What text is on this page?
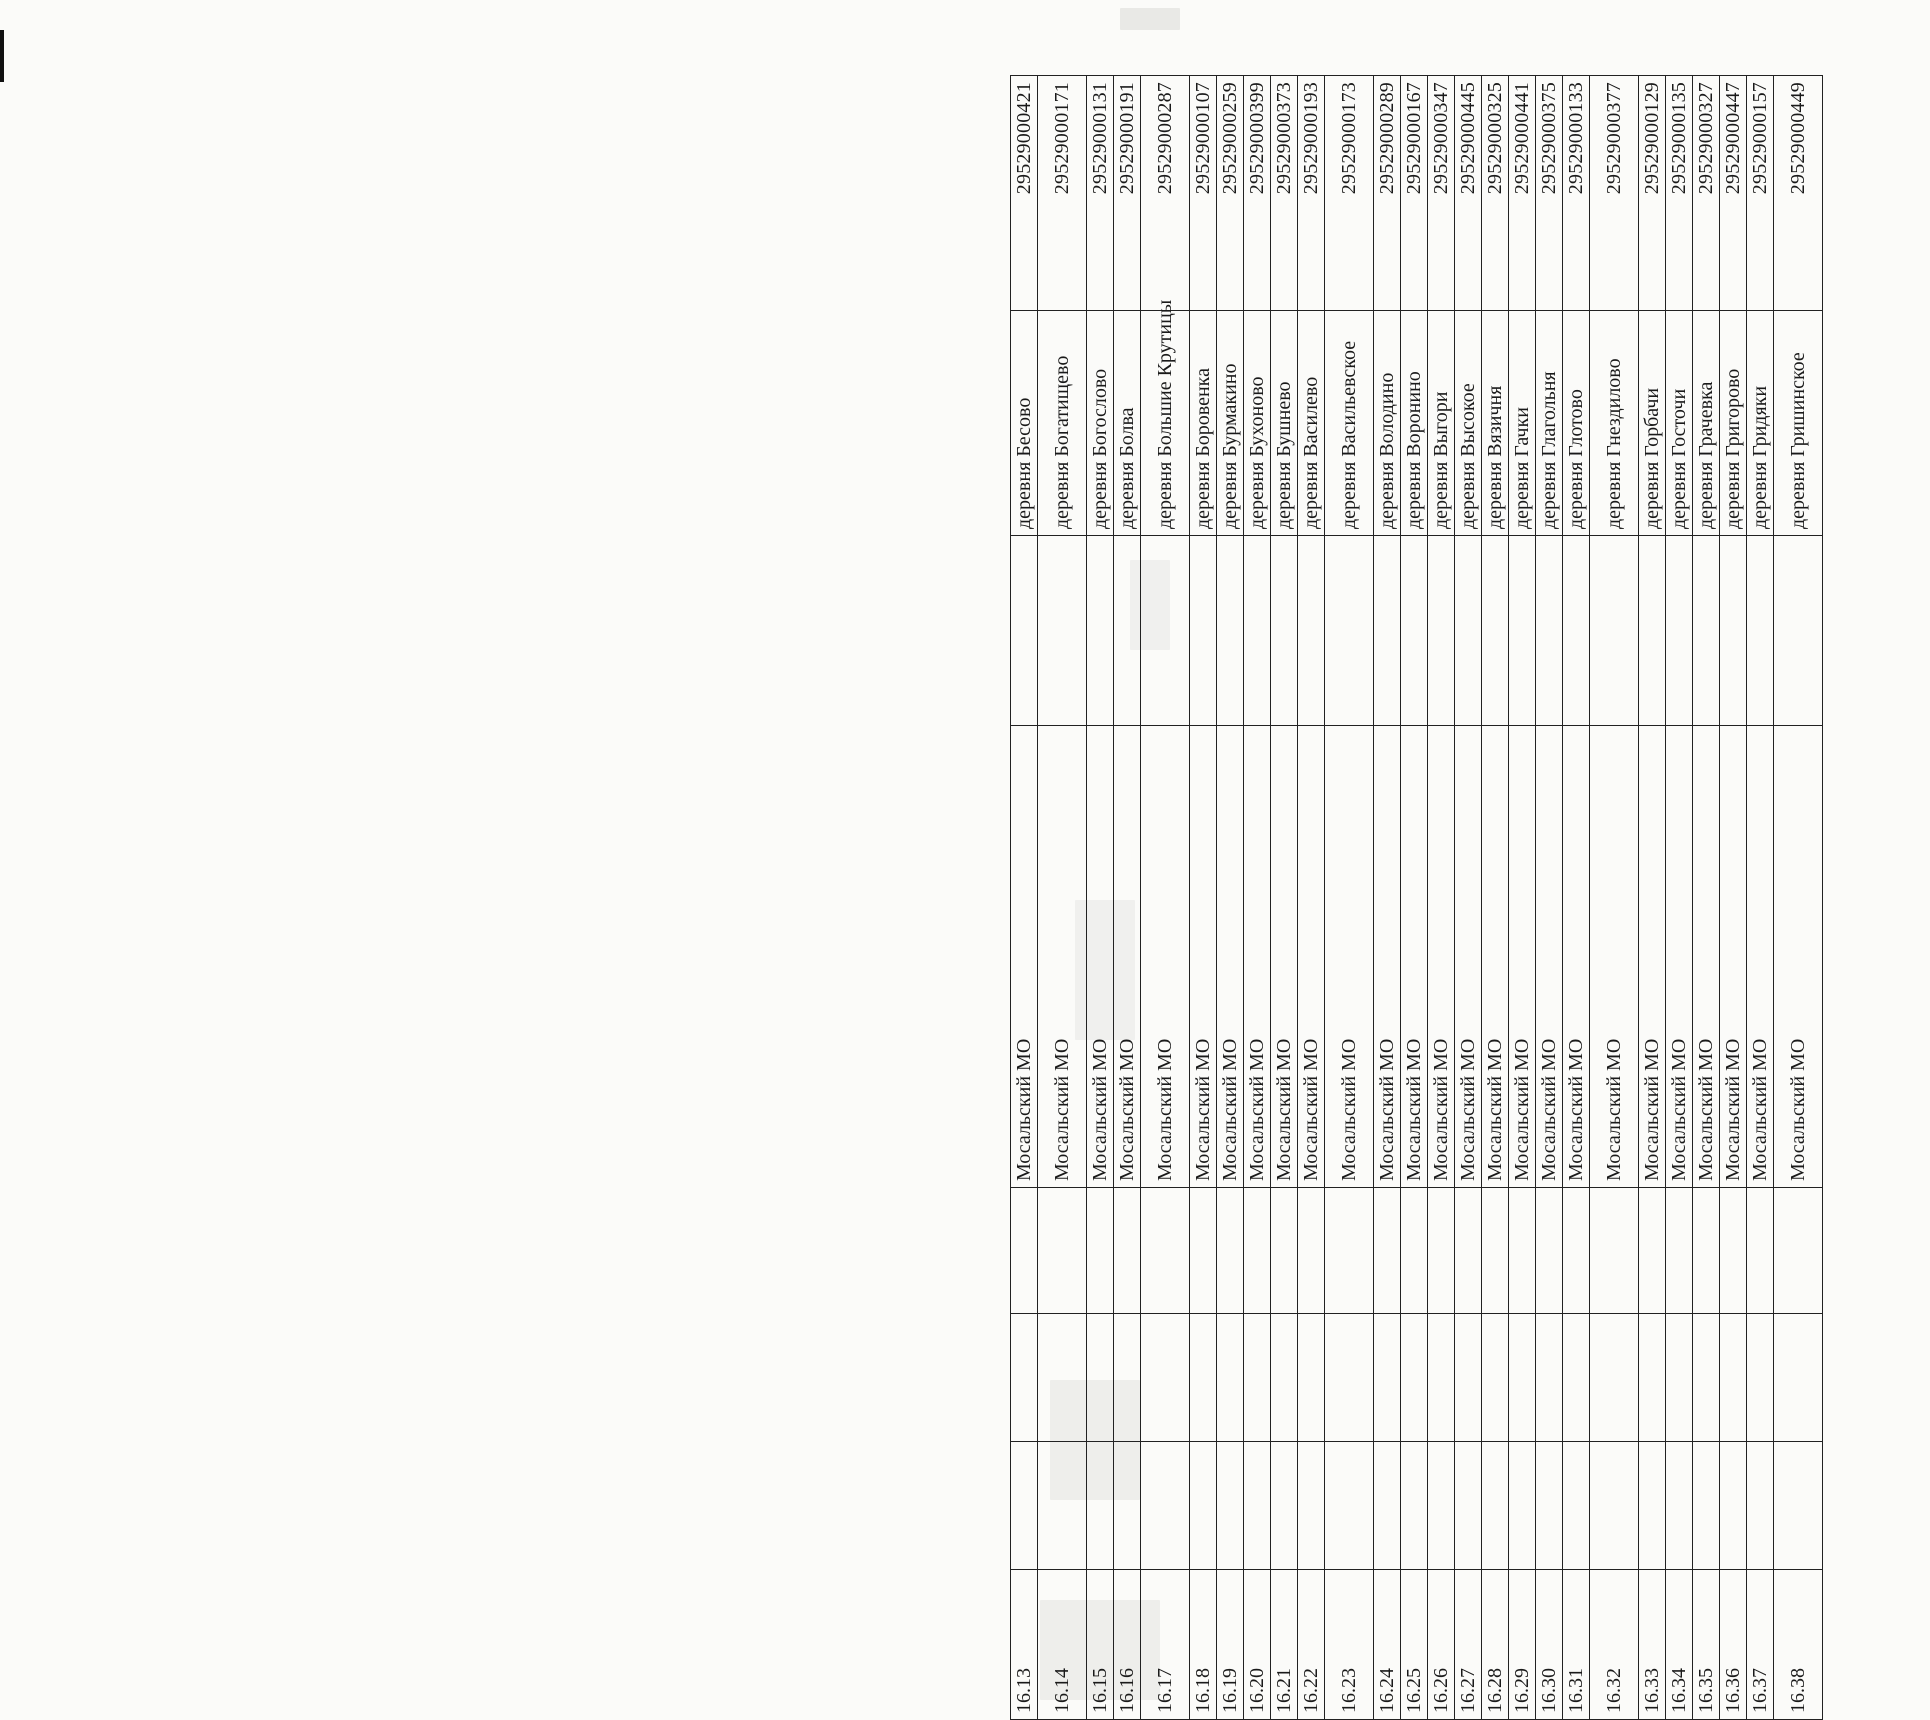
16.13				Мосальский МО		деревня Бесово	29529000421
16.14				Мосальский МО		деревня Богатищево	29529000171
16.15				Мосальский МО		деревня Богослово	29529000131
16.16				Мосальский МО		деревня Болва	29529000191
16.17				Мосальский МО		деревня Большие Крутицы	29529000287
16.18				Мосальский МО		деревня Боровенка	29529000107
16.19				Мосальский МО		деревня Бурмакино	29529000259
16.20				Мосальский МО		деревня Бухоново	29529000399
16.21				Мосальский МО		деревня Бушнево	29529000373
16.22				Мосальский МО		деревня Василево	29529000193
16.23				Мосальский МО		деревня Васильевское	29529000173
16.24				Мосальский МО		деревня Володино	29529000289
16.25				Мосальский МО		деревня Воронино	29529000167
16.26				Мосальский МО		деревня Выгори	29529000347
16.27				Мосальский МО		деревня Высокое	29529000445
16.28				Мосальский МО		деревня Вязичня	29529000325
16.29				Мосальский МО		деревня Гачки	29529000441
16.30				Мосальский МО		деревня Глагольня	29529000375
16.31				Мосальский МО		деревня Глотово	29529000133
16.32				Мосальский МО		деревня Гнездилово	29529000377
16.33				Мосальский МО		деревня Горбачи	29529000129
16.34				Мосальский МО		деревня Госточи	29529000135
16.35				Мосальский МО		деревня Грачевка	29529000327
16.36				Мосальский МО		деревня Григорово	29529000447
16.37				Мосальский МО		деревня Гридяки	29529000157
16.38				Мосальский МО		деревня Гришинское	29529000449
